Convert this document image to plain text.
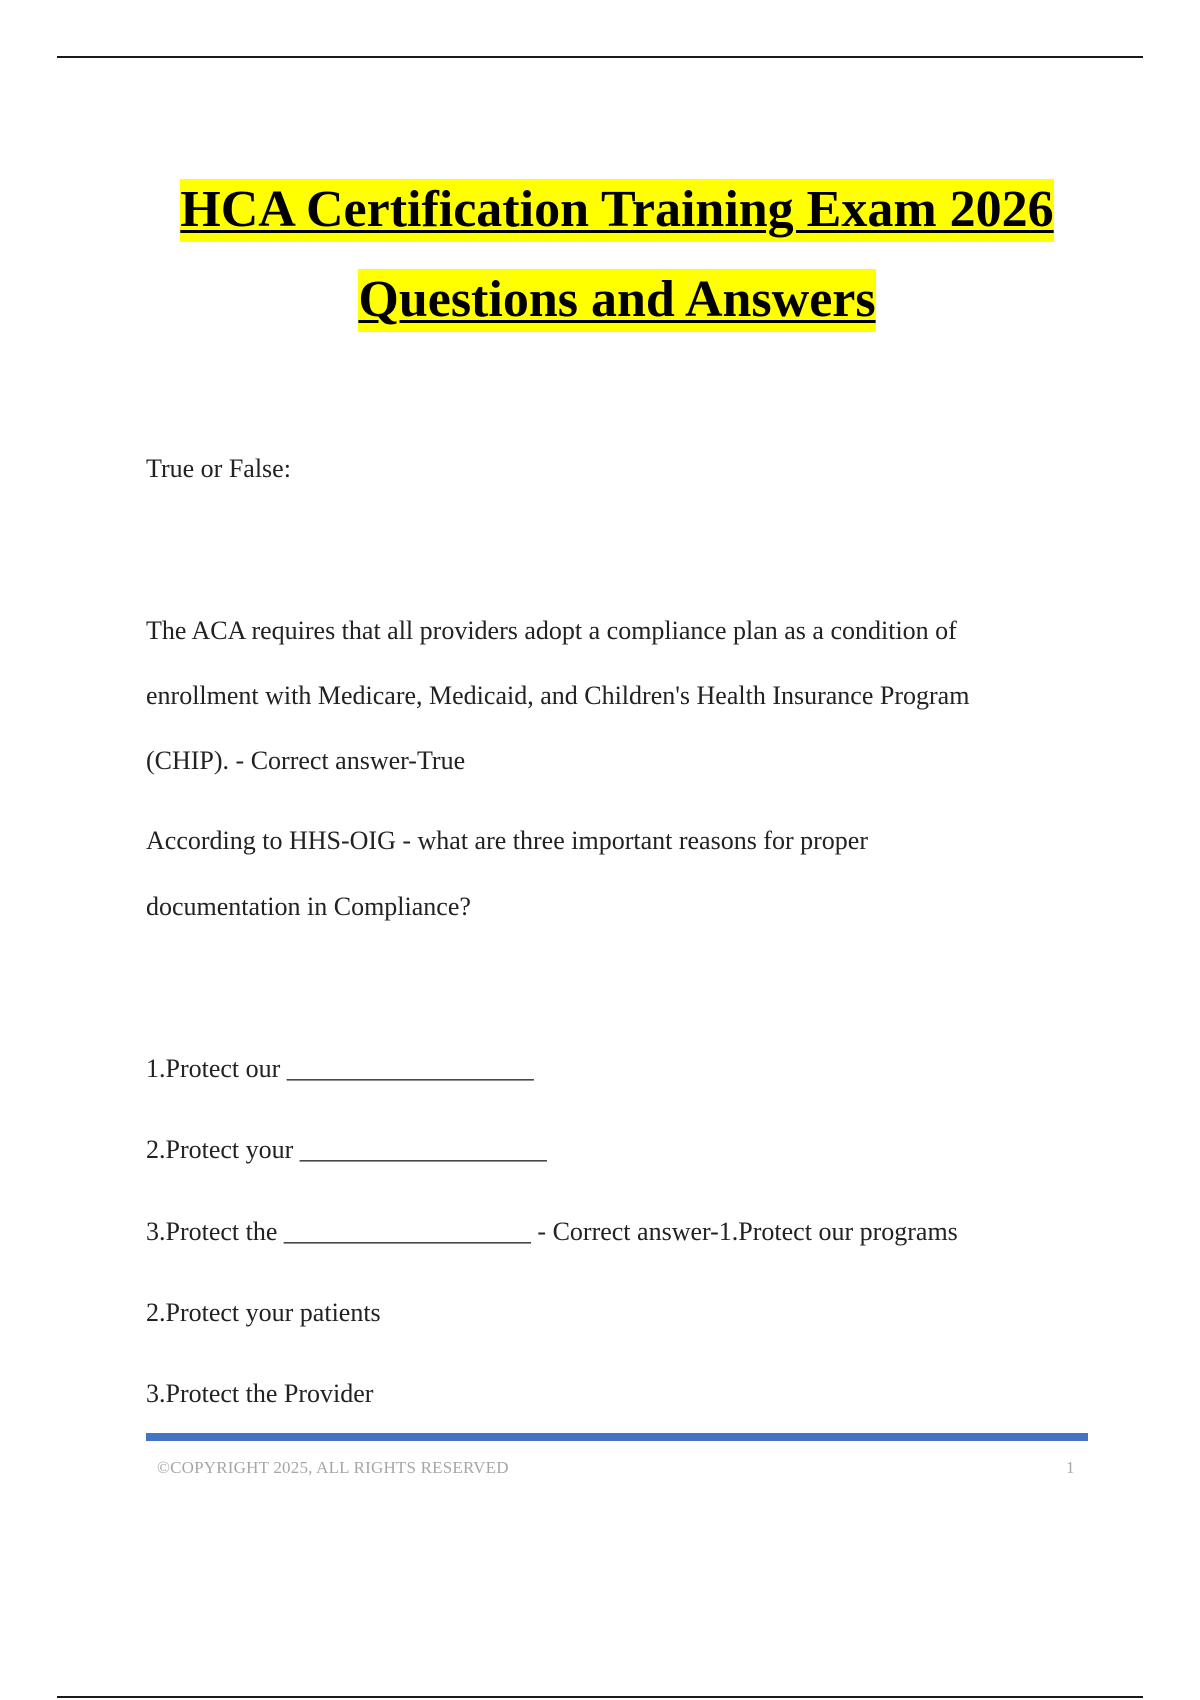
HCA Certification Training Exam 2026
Questions and Answers
True or False:
The ACA requires that all providers adopt a compliance plan as a condition of
enrollment with Medicare, Medicaid, and Children's Health Insurance Program
(CHIP). - Correct answer-True
According to HHS-OIG - what are three important reasons for proper
documentation in Compliance?
1.Protect our ___________________
2.Protect your ___________________
3.Protect the ___________________ - Correct answer-1.Protect our programs
2.Protect your patients
3.Protect the Provider
©COPYRIGHT 2025, ALL RIGHTS RESERVED	1
